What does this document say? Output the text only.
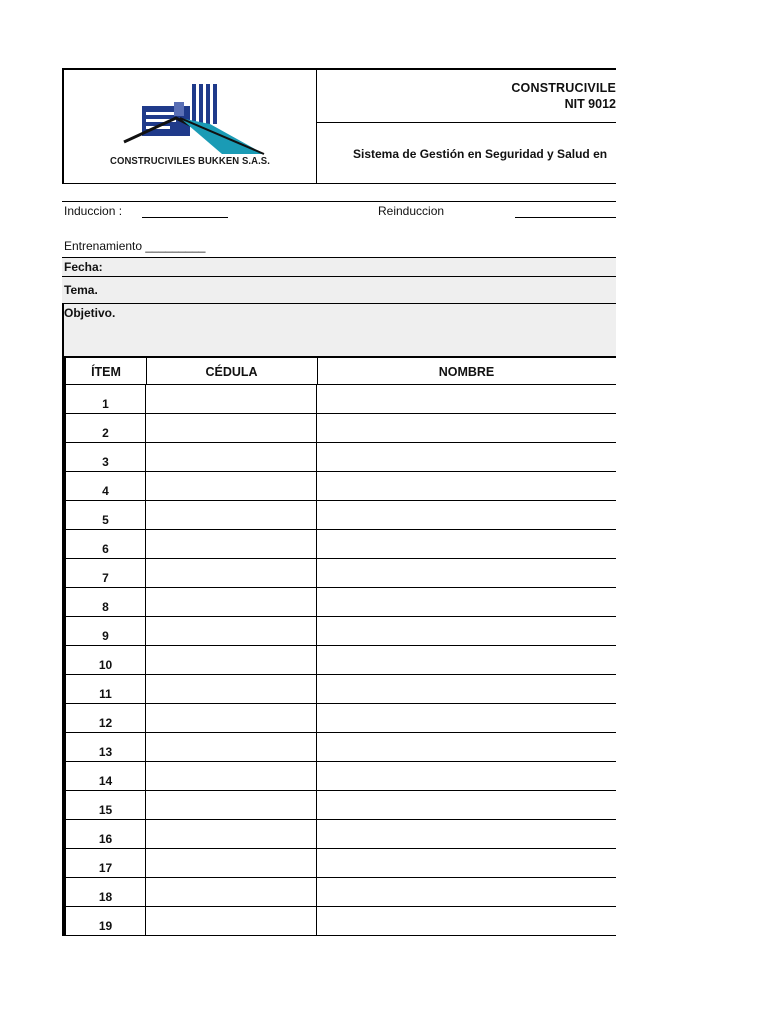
CONSTRUCIVILES BUKKEN S.A.S.
CONSTRUCIVILE
NIT 9012
Sistema de Gestión en Seguridad y Salud en
Induccion :	Reinduccion
Entrenamiento _________
Fecha:
Tema.
Objetivo.
ÍTEM	CÉDULA	NOMBRE
1
2
3
4
5
6
7
8
9
10
11
12
13
14
15
16
17
18
19
